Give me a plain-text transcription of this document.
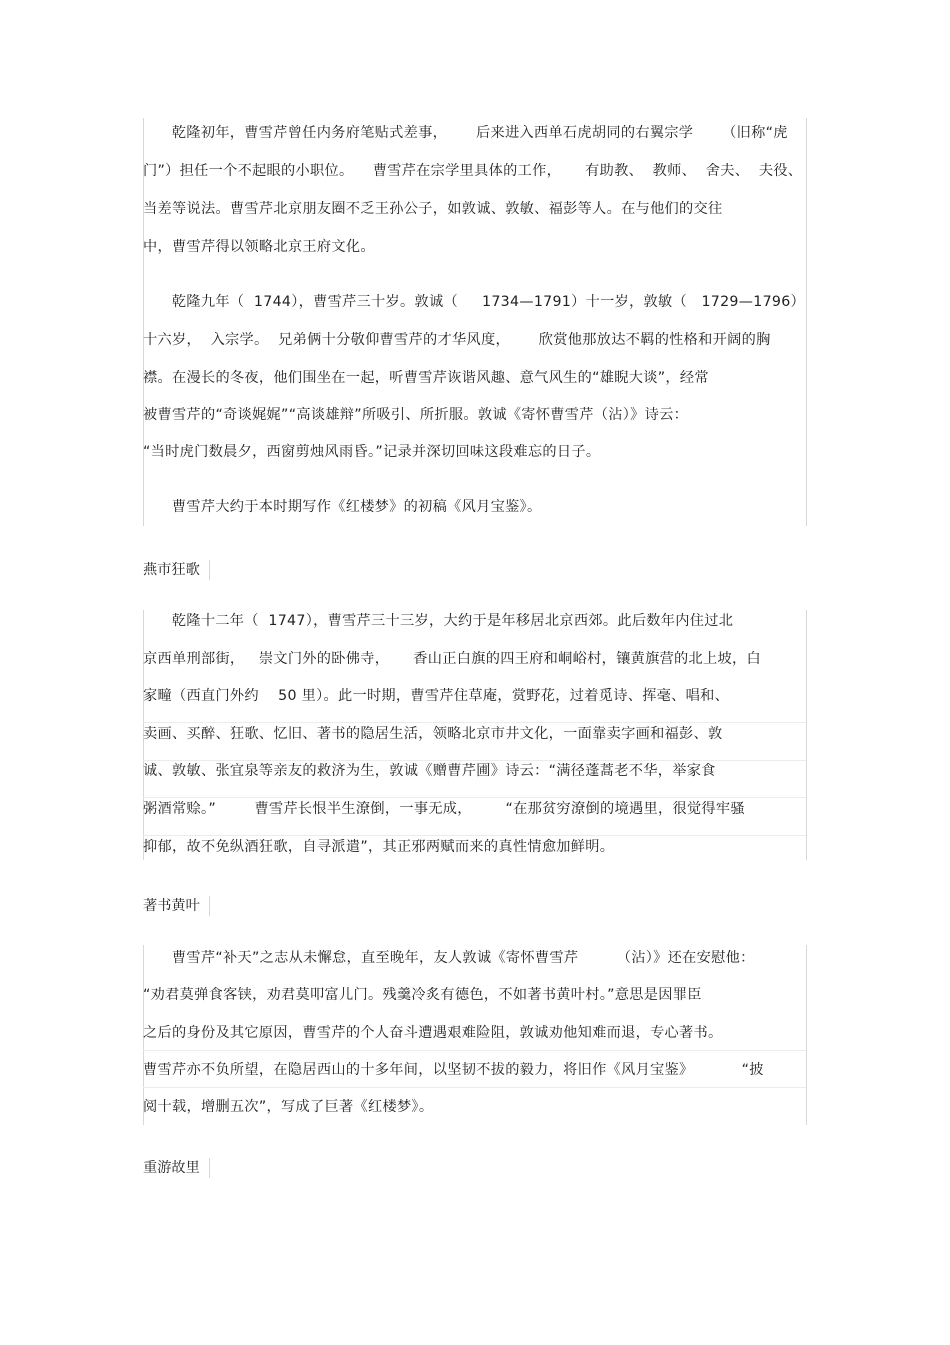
乾隆初年，曹雪芹曾任内务府笔贴式差事，      后来进入西单石虎胡同的右翼宗学      （旧称“虎
门”）担任一个不起眼的小职位。    曹雪芹在宗学里具体的工作，     有助教、  教师、  舍夫、  夫役、
当差等说法。曹雪芹北京朋友圈不乏王孙公子，如敦诚、敦敏、福彭等人。在与他们的交往
中，曹雪芹得以领略北京王府文化。
乾隆九年（  1744），曹雪芹三十岁。敦诚（     1734—1791）十一岁，敦敏（   1729—1796）
十六岁，  入宗学。  兄弟俩十分敬仰曹雪芹的才华风度，      欣赏他那放达不羁的性格和开阔的胸
襟。在漫长的冬夜，他们围坐在一起，听曹雪芹诙谐风趣、意气风生的“雄睨大谈”，经常
被曹雪芹的“奇谈娓娓”“高谈雄辩”所吸引、所折服。敦诚《寄怀曹雪芹（沾）》诗云：
“当时虎门数晨夕，西窗剪烛风雨昏。”记录并深切回味这段难忘的日子。
曹雪芹大约于本时期写作《红楼梦》的初稿《风月宝鉴》。
燕市狂歌
乾隆十二年（  1747），曹雪芹三十三岁，大约于是年移居北京西郊。此后数年内住过北
京西单刑部街，   崇文门外的卧佛寺，     香山正白旗的四王府和峒峪村，镶黄旗营的北上坡，白
家疃（西直门外约    50 里）。此一时期，曹雪芹住草庵，赏野花，过着觅诗、挥毫、唱和、
卖画、买醉、狂歌、忆旧、著书的隐居生活，领略北京市井文化，一面靠卖字画和福彭、敦
诚、敦敏、张宜泉等亲友的救济为生，敦诚《赠曹芹圃》诗云：“满径蓬蒿老不华，举家食
粥酒常赊。”        曹雪芹长恨半生潦倒，一事无成，       “在那贫穷潦倒的境遇里，很觉得牢骚
抑郁，故不免纵酒狂歌，自寻派遣”，其正邪两赋而来的真性情愈加鲜明。
著书黄叶
曹雪芹“补天”之志从未懈怠，直至晚年，友人敦诚《寄怀曹雪芹        （沾）》还在安慰他：
“劝君莫弹食客铗，劝君莫叩富儿门。残羹冷炙有德色，不如著书黄叶村。”意思是因罪臣
之后的身份及其它原因，曹雪芹的个人奋斗遭遇艰难险阻，敦诚劝他知难而退，专心著书。
曹雪芹亦不负所望，在隐居西山的十多年间，以坚韧不拔的毅力，将旧作《风月宝鉴》          “披
阅十载，增删五次”，写成了巨著《红楼梦》。
重游故里
